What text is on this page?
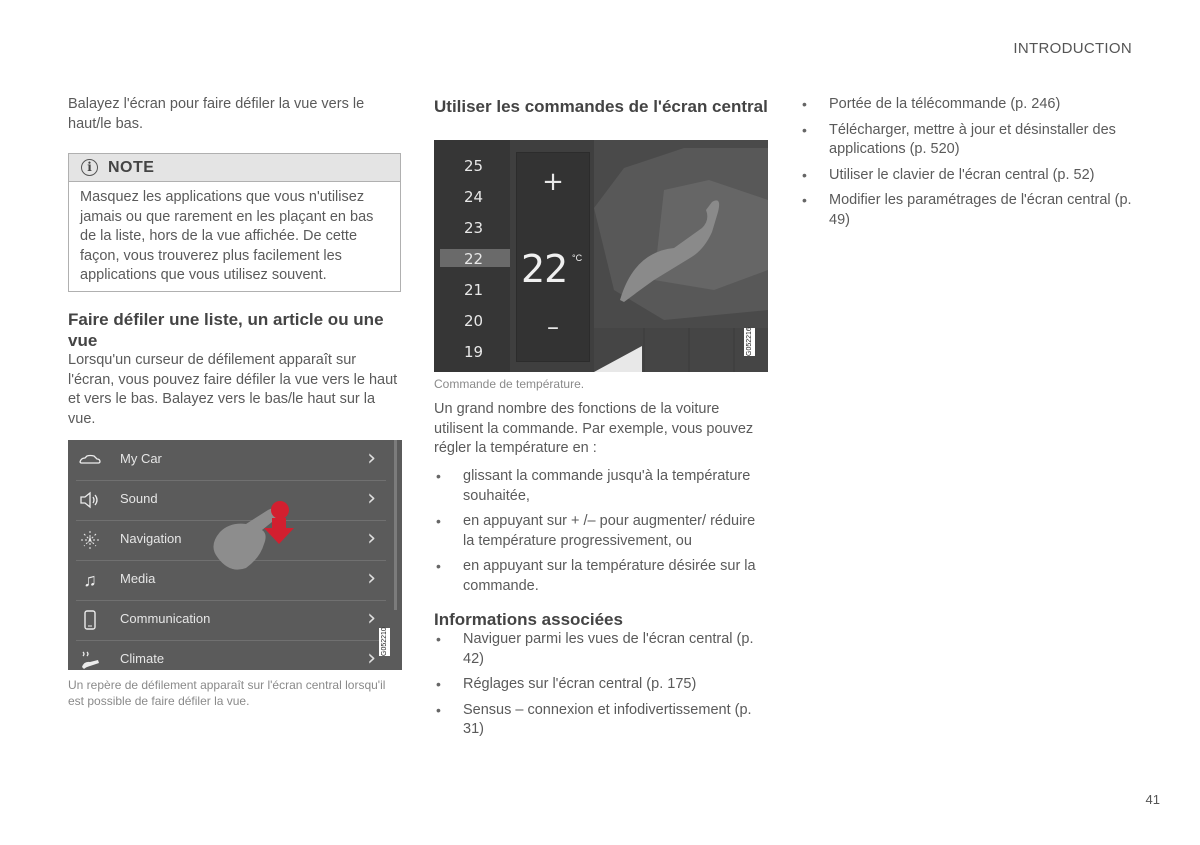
INTRODUCTION
41
Balayez l'écran pour faire défiler la vue vers le haut/le bas.
i	NOTE
Masquez les applications que vous n'utilisez jamais ou que rarement en les plaçant en bas de la liste, hors de la vue affichée. De cette façon, vous trouverez plus facilement les applications que vous utilisez souvent.
Faire défiler une liste, un article ou une vue
Lorsqu'un curseur de défilement apparaît sur l'écran, vous pouvez faire défiler la vue vers le haut et vers le bas. Balayez vers le bas/le haut sur la vue.
My Car	›
Sound	›
Navigation	›
♫	Media	›
Communication	›
Climate	›
G052210
Un repère de défilement apparaît sur l'écran central lorsqu'il est possible de faire défiler la vue.
Utiliser les commandes de l'écran central
25
24
23
22
21
20
19
+
22 °C
–
G052216
Commande de température.
Un grand nombre des fonctions de la voiture utilisent la commande. Par exemple, vous pouvez régler la température en :
• glissant la commande jusqu'à la température souhaitée,
• en appuyant sur + /– pour augmenter/ réduire la température progressivement, ou
• en appuyant sur la température désirée sur la commande.
Informations associées
• Naviguer parmi les vues de l'écran central (p. 42)
• Réglages sur l'écran central (p. 175)
• Sensus – connexion et infodivertissement (p. 31)
• Portée de la télécommande (p. 246)
• Télécharger, mettre à jour et désinstaller des applications (p. 520)
• Utiliser le clavier de l'écran central (p. 52)
• Modifier les paramétrages de l'écran central (p. 49)
